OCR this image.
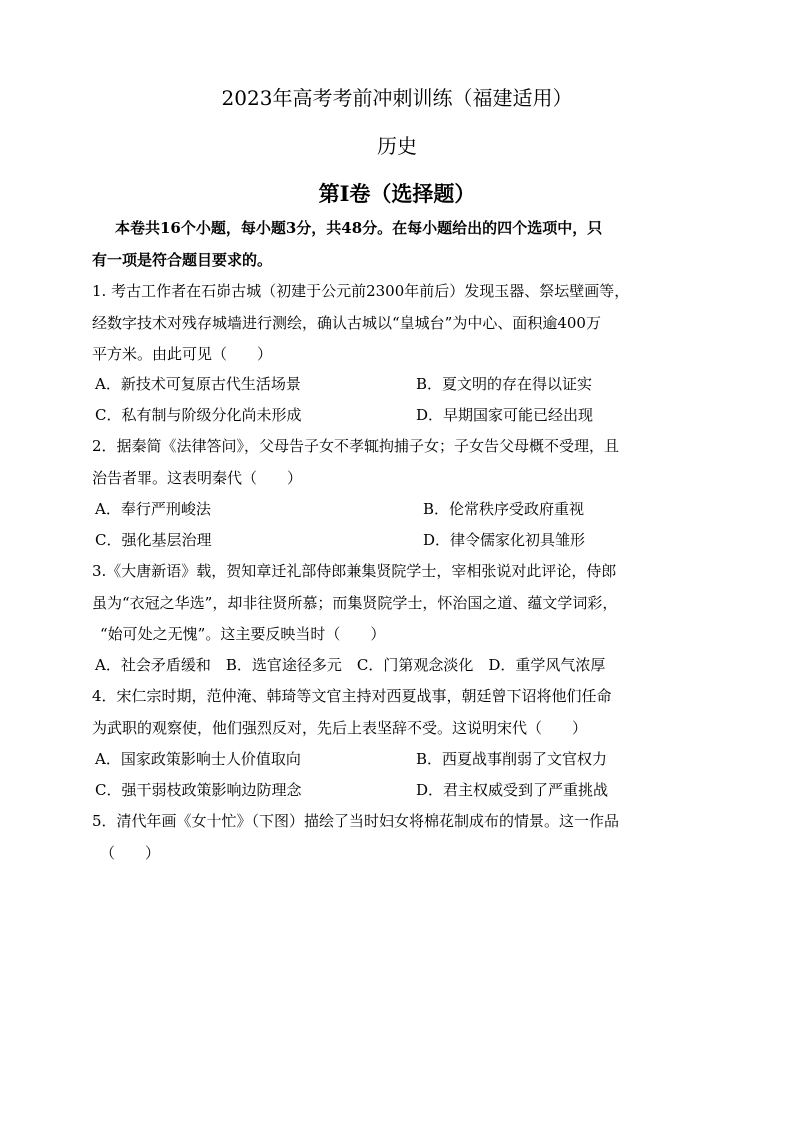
2023年高考考前冲刺训练（福建适用）
历史
第Ⅰ卷（选择题）
本卷共16个小题，每小题3分，共48分。在每小题给出的四个选项中，只
有一项是符合题目要求的。
1. 考古工作者在石峁古城（初建于公元前2300年前后）发现玉器、祭坛壁画等，
经数字技术对残存城墙进行测绘，确认古城以“皇城台”为中心、面积逾400万
平方米。由此可见（　　）
A．新技术可复原古代生活场景	B．夏文明的存在得以证实
C．私有制与阶级分化尚未形成	D．早期国家可能已经出现
2．据秦简《法律答问》，父母告子女不孝辄拘捕子女；子女告父母概不受理，且
治告者罪。这表明秦代（　　）
A．奉行严刑峻法	B．伦常秩序受政府重视
C．强化基层治理	D．律令儒家化初具雏形
3.《大唐新语》载，贺知章迁礼部侍郎兼集贤院学士，宰相张说对此评论，侍郎
虽为“衣冠之华选”，却非往贤所慕；而集贤院学士，怀治国之道、蕴文学词彩，
“始可处之无愧”。这主要反映当时（　　）
A．社会矛盾缓和　B．选官途径多元　C．门第观念淡化　D．重学风气浓厚
4．宋仁宗时期，范仲淹、韩琦等文官主持对西夏战事，朝廷曾下诏将他们任命
为武职的观察使，他们强烈反对，先后上表坚辞不受。这说明宋代（　　）
A．国家政策影响士人价值取向	B．西夏战事削弱了文官权力
C．强干弱枝政策影响边防理念	D．君主权威受到了严重挑战
5．清代年画《女十忙》（下图）描绘了当时妇女将棉花制成布的情景。这一作品
（　　）
